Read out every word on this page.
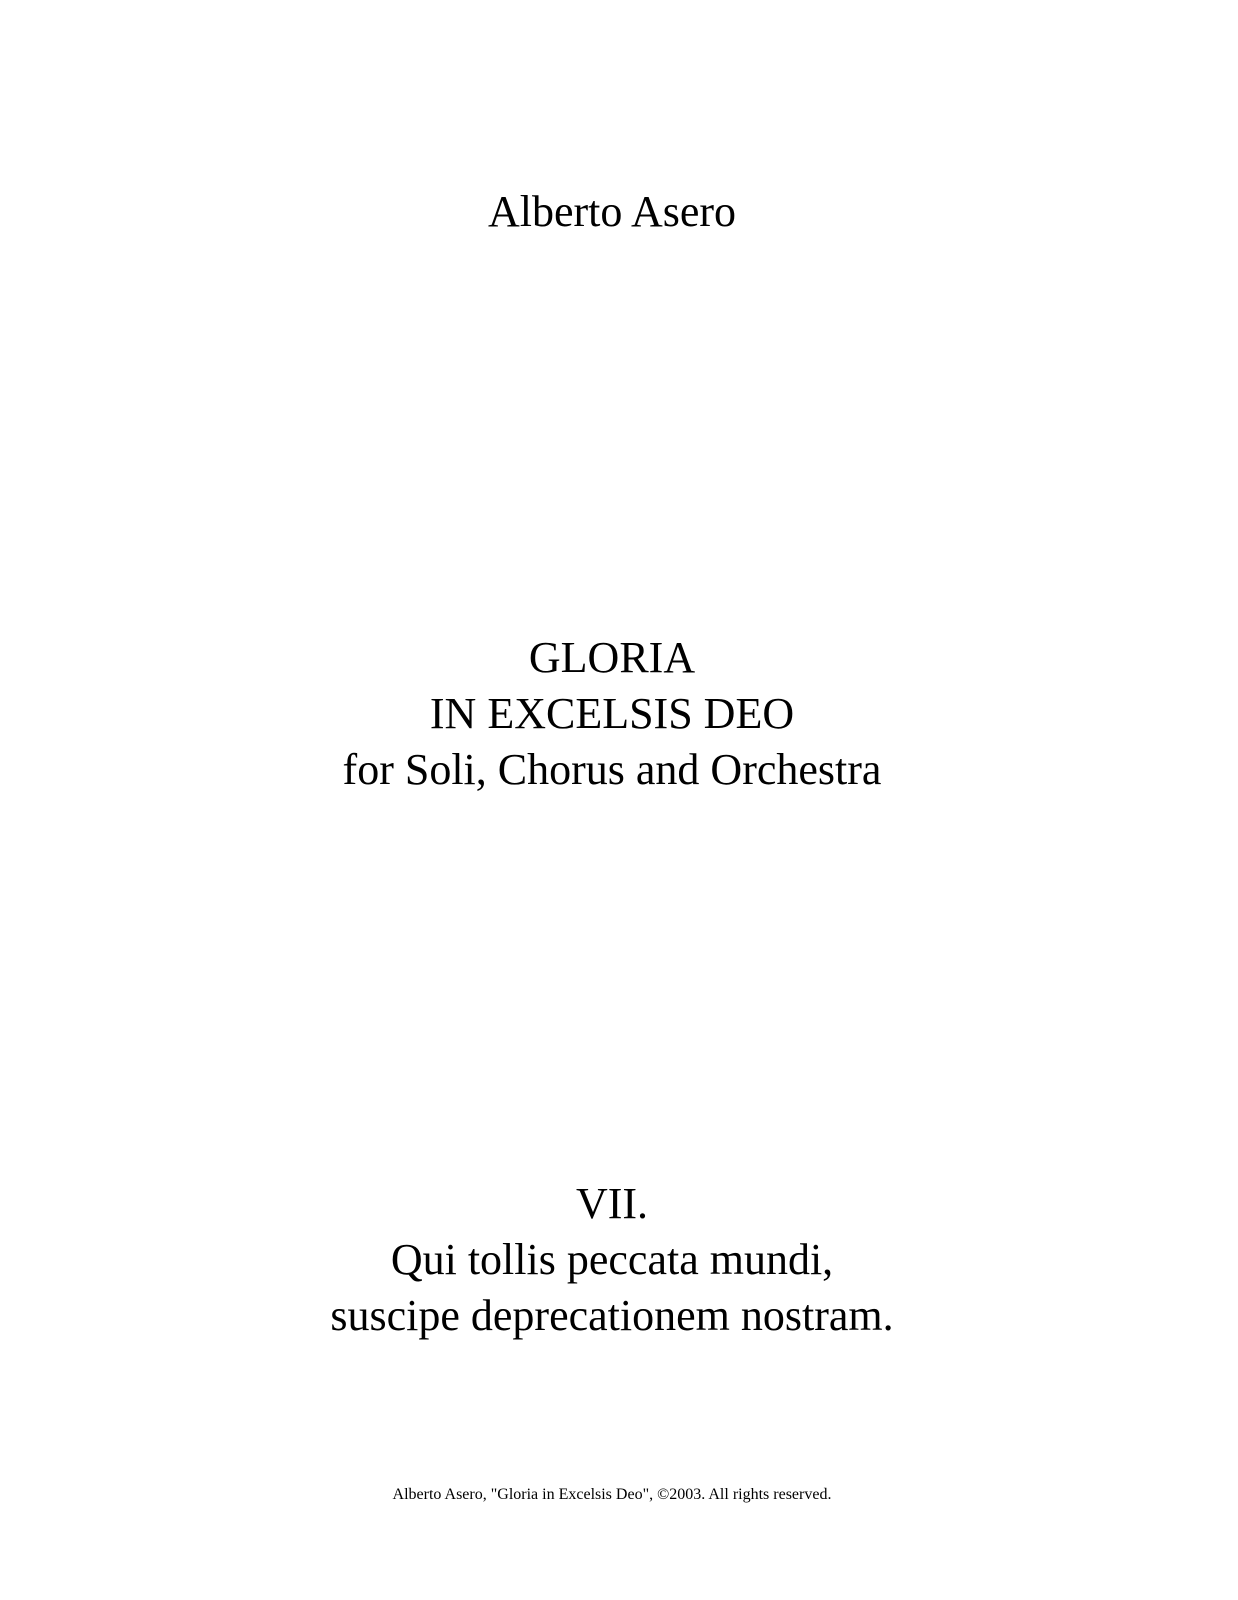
Alberto Asero
GLORIA
IN EXCELSIS DEO
for Soli, Chorus and Orchestra
VII.
Qui tollis peccata mundi,
suscipe deprecationem nostram.
Alberto Asero, "Gloria in Excelsis Deo", ©2003. All rights reserved.
